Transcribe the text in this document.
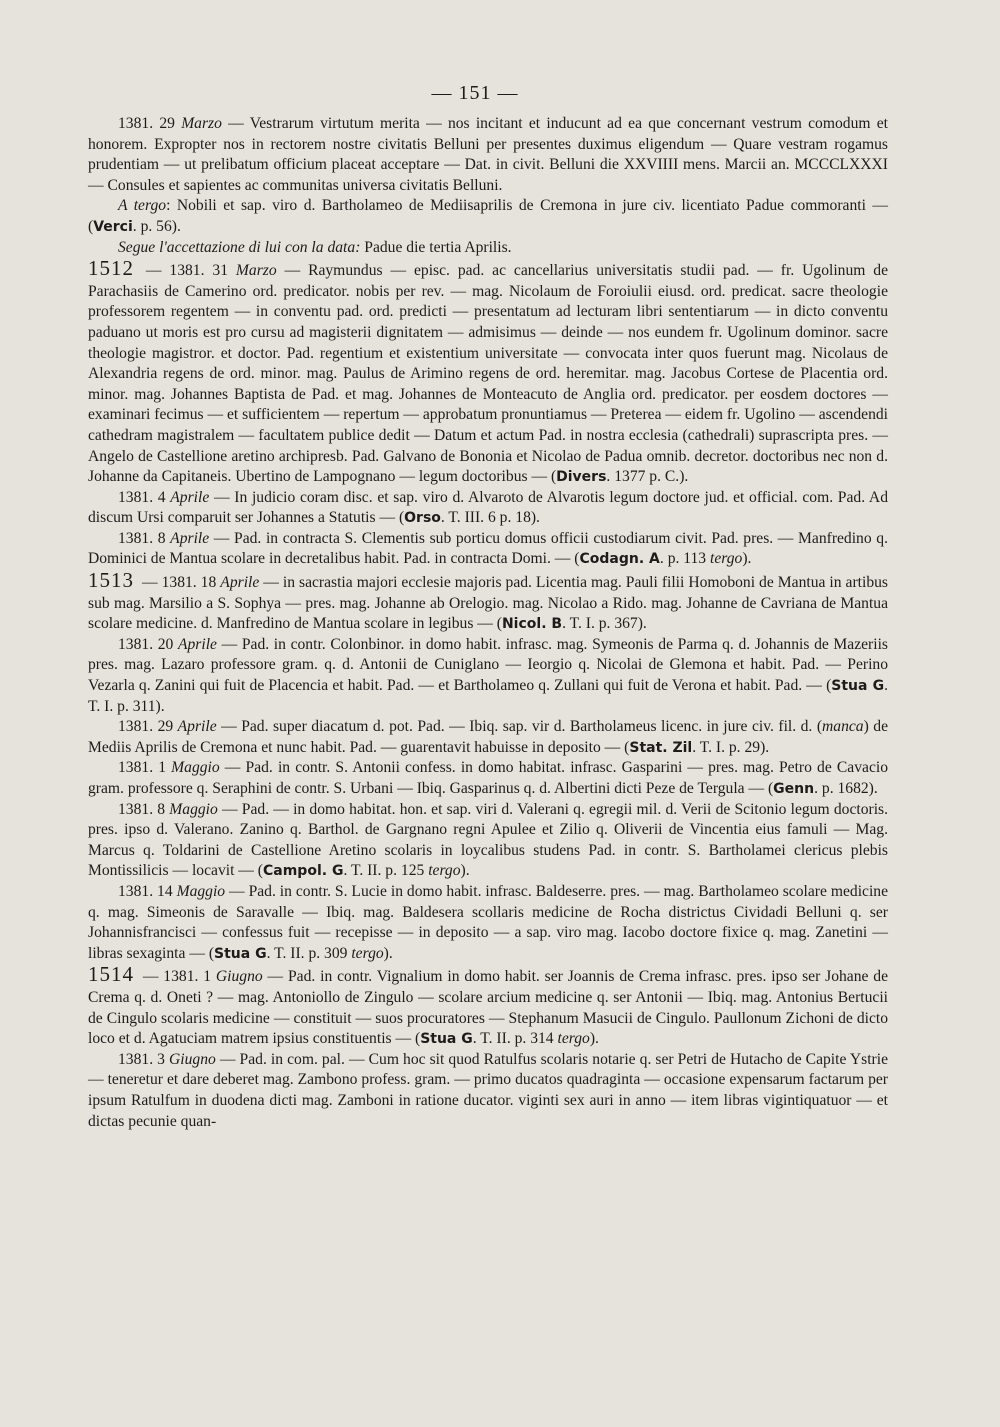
— 151 —

1381. 29 Marzo — Vestrarum virtutum merita — nos incitant et inducunt ad ea que concernant vestrum comodum et honorem. Expropter nos in rectorem nostre civitatis Belluni per presentes duximus eligendum — Quare vestram rogamus prudentiam — ut prelibatum officium placeat acceptare — Dat. in civit. Belluni die XXVIIII mens. Marcii an. MCCCLXXXI — Consules et sapientes ac communitas universa civitatis Belluni.

A tergo: Nobili et sap. viro d. Bartholameo de Mediisaprilis de Cremona in jure civ. licentiato Padue commoranti — (Verci. p. 56).

Segue l'accettazione di lui con la data: Padue die tertia Aprilis.

1512 — 1381. 31 Marzo — Raymundus — episc. pad. ac cancellarius universitatis studii pad. — fr. Ugolinum de Parachasiis de Camerino ord. predicator. nobis per rev. — mag. Nicolaum de Foroiulii eiusd. ord. predicat. sacre theologie professorem regentem — in conventu pad. ord. predicti — presentatum ad lecturam libri sententiarum — in dicto conventu paduano ut moris est pro cursu ad magisterii dignitatem — admisimus — deinde — nos eundem fr. Ugolinum dominor. sacre theologie magistror. et doctor. Pad. regentium et existentium universitate — convocata inter quos fuerunt mag. Nicolaus de Alexandria regens de ord. minor. mag. Paulus de Arimino regens de ord. heremitar. mag. Jacobus Cortese de Placentia ord. minor. mag. Johannes Baptista de Pad. et mag. Johannes de Monteacuto de Anglia ord. predicator. per eosdem doctores — examinari fecimus — et sufficientem — repertum — approbatum pronuntiamus — Preterea — eidem fr. Ugolino — ascendendi cathedram magistralem — facultatem publice dedit — Datum et actum Pad. in nostra ecclesia (cathedrali) suprascripta pres. — Angelo de Castellione aretino archipresb. Pad. Galvano de Bononia et Nicolao de Padua omnib. decretor. doctoribus nec non d. Johanne da Capitaneis. Ubertino de Lampognano — legum doctoribus — (Divers. 1377 p. C.).

1381. 4 Aprile — In judicio coram disc. et sap. viro d. Alvaroto de Alvarotis legum doctore jud. et official. com. Pad. Ad discum Ursi comparuit ser Johannes a Statutis — (Orso. T. III. 6 p. 18).

1381. 8 Aprile — Pad. in contracta S. Clementis sub porticu domus officii custodiarum civit. Pad. pres. — Manfredino q. Dominici de Mantua scolare in decretalibus habit. Pad. in contracta Domi. — (Codagn. A. p. 113 tergo).

1513 — 1381. 18 Aprile — in sacrastia majori ecclesie majoris pad. Licentia mag. Pauli filii Homoboni de Mantua in artibus sub mag. Marsilio a S. Sophya — pres. mag. Johanne ab Orelogio. mag. Nicolao a Rido. mag. Johanne de Cavriana de Mantua scolare medicine. d. Manfredino de Mantua scolare in legibus — (Nicol. B. T. I. p. 367).

1381. 20 Aprile — Pad. in contr. Colonbinor. in domo habit. infrasc. mag. Symeonis de Parma q. d. Johannis de Mazeriis pres. mag. Lazaro professore gram. q. d. Antonii de Cuniglano — Ieorgio q. Nicolai de Glemona et habit. Pad. — Perino Vezarla q. Zanini qui fuit de Placencia et habit. Pad. — et Bartholameo q. Zullani qui fuit de Verona et habit. Pad. — (Stua G. T. I. p. 311).

1381. 29 Aprile — Pad. super diacatum d. pot. Pad. — Ibiq. sap. vir d. Bartholameus licenc. in jure civ. fil. d. (manca) de Mediis Aprilis de Cremona et nunc habit. Pad. — guarentavit habuisse in deposito — (Stat. Zil. T. I. p. 29).

1381. 1 Maggio — Pad. in contr. S. Antonii confess. in domo habitat. infrasc. Gasparini — pres. mag. Petro de Cavacio gram. professore q. Seraphini de contr. S. Urbani — Ibiq. Gasparinus q. d. Albertini dicti Peze de Tergula — (Genn. p. 1682).

1381. 8 Maggio — Pad. — in domo habitat. hon. et sap. viri d. Valerani q. egregii mil. d. Verii de Scitonio legum doctoris. pres. ipso d. Valerano. Zanino q. Barthol. de Gargnano regni Apulee et Zilio q. Oliverii de Vincentia eius famuli — Mag. Marcus q. Toldarini de Castellione Aretino scolaris in loycalibus studens Pad. in contr. S. Bartholamei clericus plebis Montissilicis — locavit — (Campol. G. T. II. p. 125 tergo).

1381. 14 Maggio — Pad. in contr. S. Lucie in domo habit. infrasc. Baldeserre. pres. — mag. Bartholameo scolare medicine q. mag. Simeonis de Saravalle — Ibiq. mag. Baldesera scollaris medicine de Rocha districtus Cividadi Belluni q. ser Johannisfrancisci — confessus fuit — recepisse — in deposito — a sap. viro mag. Iacobo doctore fixice q. mag. Zanetini — libras sexaginta — (Stua G. T. II. p. 309 tergo).

1514 — 1381. 1 Giugno — Pad. in contr. Vignalium in domo habit. ser Joannis de Crema infrasc. pres. ipso ser Johane de Crema q. d. Oneti ? — mag. Antoniollo de Zingulo — scolare arcium medicine q. ser Antonii — Ibiq. mag. Antonius Bertucii de Cingulo scolaris medicine — constituit — suos procuratores — Stephanum Masucii de Cingulo. Paullonum Zichoni de dicto loco et d. Agatuciam matrem ipsius constituentis — (Stua G. T. II. p. 314 tergo).

1381. 3 Giugno — Pad. in com. pal. — Cum hoc sit quod Ratulfus scolaris notarie q. ser Petri de Hutacho de Capite Ystrie — teneretur et dare deberet mag. Zambono profess. gram. — primo ducatos quadraginta — occasione expensarum factarum per ipsum Ratulfum in duodena dicti mag. Zamboni in ratione ducator. viginti sex auri in anno — item libras vigintiquatuor — et dictas pecunie quan-
